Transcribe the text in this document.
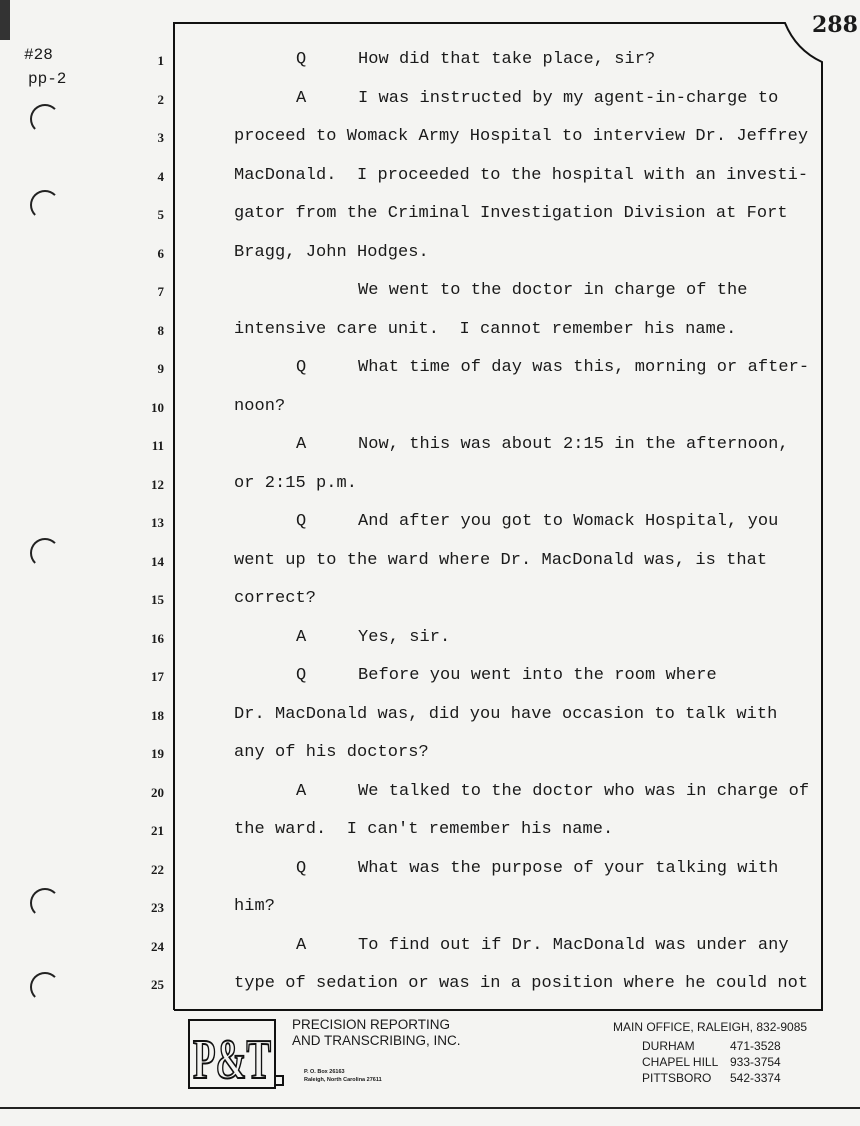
#28
pp-2
288
1	Q	How did that take place, sir?
2	A	I was instructed by my agent-in-charge to
3	proceed to Womack Army Hospital to interview Dr. Jeffrey
4	MacDonald.  I proceeded to the hospital with an investi-
5	gator from the Criminal Investigation Division at Fort
6	Bragg, John Hodges.
7	We went to the doctor in charge of the
8	intensive care unit.  I cannot remember his name.
9	Q	What time of day was this, morning or after-
10	noon?
11	A	Now, this was about 2:15 in the afternoon,
12	or 2:15 p.m.
13	Q	And after you got to Womack Hospital, you
14	went up to the ward where Dr. MacDonald was, is that
15	correct?
16	A	Yes, sir.
17	Q	Before you went into the room where
18	Dr. MacDonald was, did you have occasion to talk with
19	any of his doctors?
20	A	We talked to the doctor who was in charge of
21	the ward.  I can't remember his name.
22	Q	What was the purpose of your talking with
23	him?
24	A	To find out if Dr. MacDonald was under any
25	type of sedation or was in a position where he could not
P&T
PRECISION REPORTING
AND TRANSCRIBING, INC.
P. O. Box 26163
Raleigh, North Carolina 27611
MAIN OFFICE, RALEIGH, 832-9085
DURHAM	471-3528
CHAPEL HILL 933-3754
PITTSBORO 542-3374
